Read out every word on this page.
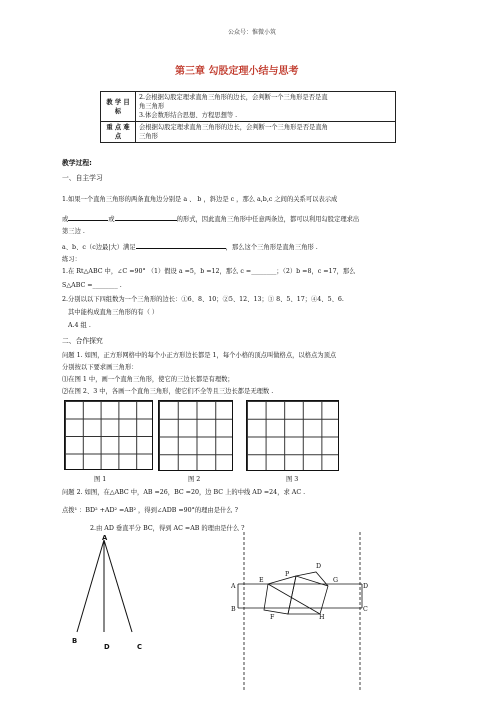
公众号：惟微小筑
第三章 勾股定理小结与思考
教 学 目 标	2.会根据勾股定理求直角三角形的边长，会判断一个三角形是否是直
角三角形
3.体会数形结合思想、方程思想等 .

重 点 难 点	会根据勾股定理求直角三角形的边长，会判断一个三角形是否是直角
三角形
教学过程:
一、自主学习
1.如果一个直角三角形的两条直角边分别是 a 、 b ，斜边是 c ，那么 a,b,c 之间的关系可以表示成
或	或	的形式，因此直角三角形中任意两条边，都可以利用勾股定理求出
第三边 .
a、b、c（c边最|大）满足	，那么这个三角形是直角三角形 .
练习：
1.在 Rt△ABC 中，∠C =90° （1）假设 a =5，b =12，那么 c =________；（2）b =8，c =17，那么
S△ABC =________ .
2.分别以以下四组数为一个三角形的边长：①6、8、10；②5、12、13；③ 8、5、17；④4、5、6.
其中能构成直角三角形的有（ ）
A.4 组 .
二、合作探究
问题 1. 如图，正方形网格中的每个小正方形边长都是 1，每个小格的顶点叫做格点，以格点为顶点
分别按以下要求画三角形：
⑴在图 1 中，画一个直角三角形，使它的三边长都是有理数；
⑵在图 2、3 中，各画一个直角三角形，使它们不全等且三边长都是无理数 .
图 1	图 2	图 3
问题 2. 如图，在△ABC 中，AB =26，BC =20，边 BC 上的中线 AD =24，求 AC .
点拨¹ ：BD² +AD² =AB² ，得到∠ADB =90°的理由是什么 ?
2.由 AD 垂直平分 BC，得到 AC =AB 的理由是什么 ?
A
B
D	C
A
B
E
P
D
G
F	H
D
C
